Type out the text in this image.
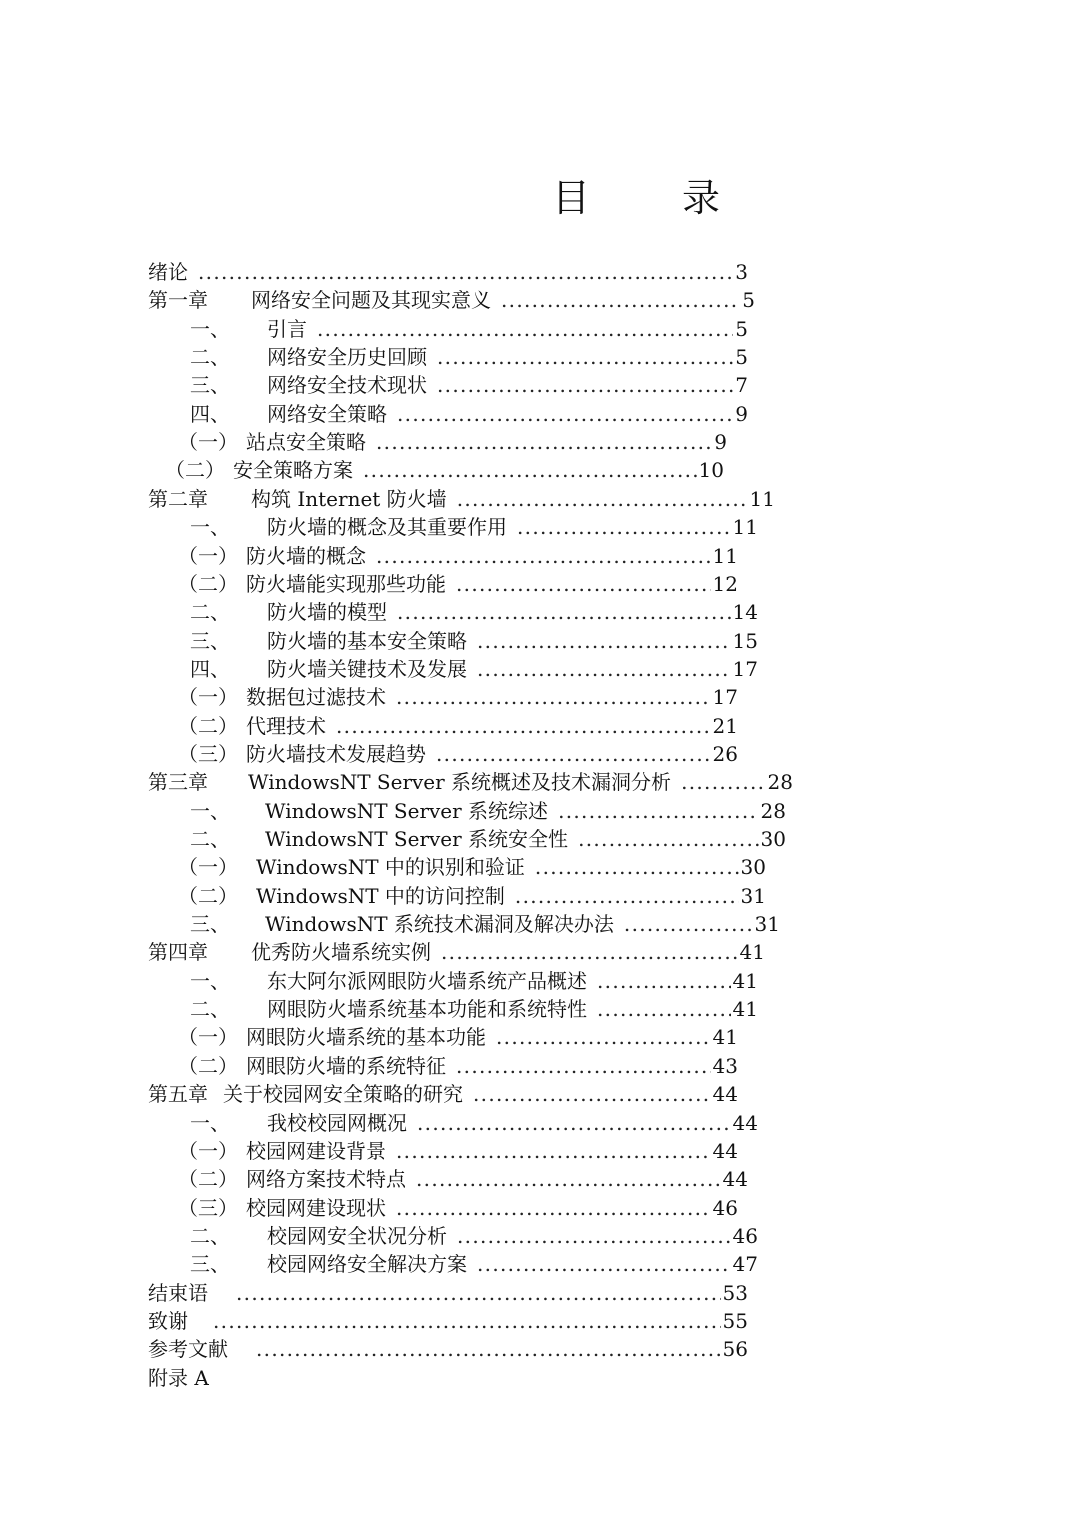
目 录
绪论 .....	3
第一章	网络安全问题及其现实意义 .....	5
一、	引言 .....	5
二、	网络安全历史回顾 .....	5
三、	网络安全技术现状 .....	7
四、	网络安全策略 .....	9
（一） 站点安全策略 .....	9
（二） 安全策略方案 .....	10
第二章	构筑 Internet 防火墙 .....	11
一、	防火墙的概念及其重要作用 .....	11
（一） 防火墙的概念 .....	11
（二） 防火墙能实现那些功能 .....	12
二、	防火墙的模型 .....	14
三、	防火墙的基本安全策略 .....	15
四、	防火墙关键技术及发展 .....	17
（一） 数据包过滤技术 .....	17
（二） 代理技术 .....	21
（三） 防火墙技术发展趋势 .....	26
第三章	WindowsNT Server 系统概述及技术漏洞分析 .....	28
一、	WindowsNT Server 系统综述 .....	28
二、	WindowsNT Server 系统安全性 .....	30
（一） WindowsNT 中的识别和验证 .....	30
（二） WindowsNT 中的访问控制 .....	31
三、	WindowsNT 系统技术漏洞及解决办法 .....	31
第四章	优秀防火墙系统实例 .....	41
一、	东大阿尔派网眼防火墙系统产品概述 .....	41
二、	网眼防火墙系统基本功能和系统特性 .....	41
（一） 网眼防火墙系统的基本功能 .....	41
（二） 网眼防火墙的系统特征 .....	43
第五章 关于校园网安全策略的研究 .....	44
一、	我校校园网概况 .....	44
（一） 校园网建设背景 .....	44
（二） 网络方案技术特点 .....	44
（三） 校园网建设现状 .....	46
二、	校园网安全状况分析 .....	46
三、	校园网络安全解决方案 .....	47
结束语 .....	53
致谢 .....	55
参考文献 .....	56
附录 A
